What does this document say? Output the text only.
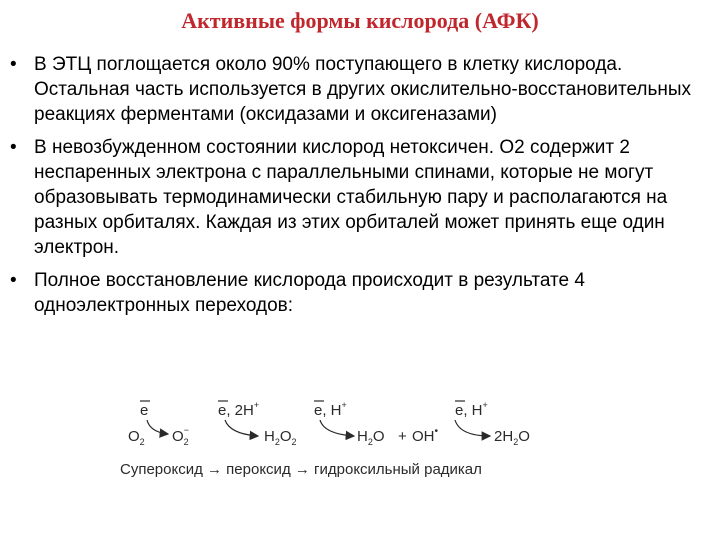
Активные формы кислорода (АФК)
• В ЭТЦ поглощается около 90% поступающего в клетку кислорода. Остальная часть используется в других окислительно-восстановительных реакциях ферментами (оксидазами и оксигеназами)
• В невозбужденном состоянии кислород нетоксичен. О2 содержит 2 неспаренных электрона с параллельными спинами, которые не могут образовывать термодинамически стабильную пару и располагаются на разных орбиталях. Каждая из этих орбиталей может принять еще один электрон.
• Полное восстановление кислорода происходит в результате 4 одноэлектронных переходов:
e	e, 2H+	e, H+	e, H+
$O_2$ $O_2-$	$H_2O_2$	$H_2O + OH^•$	$2H_2O$
Супероксид → пероксид → гидроксильный радикал
